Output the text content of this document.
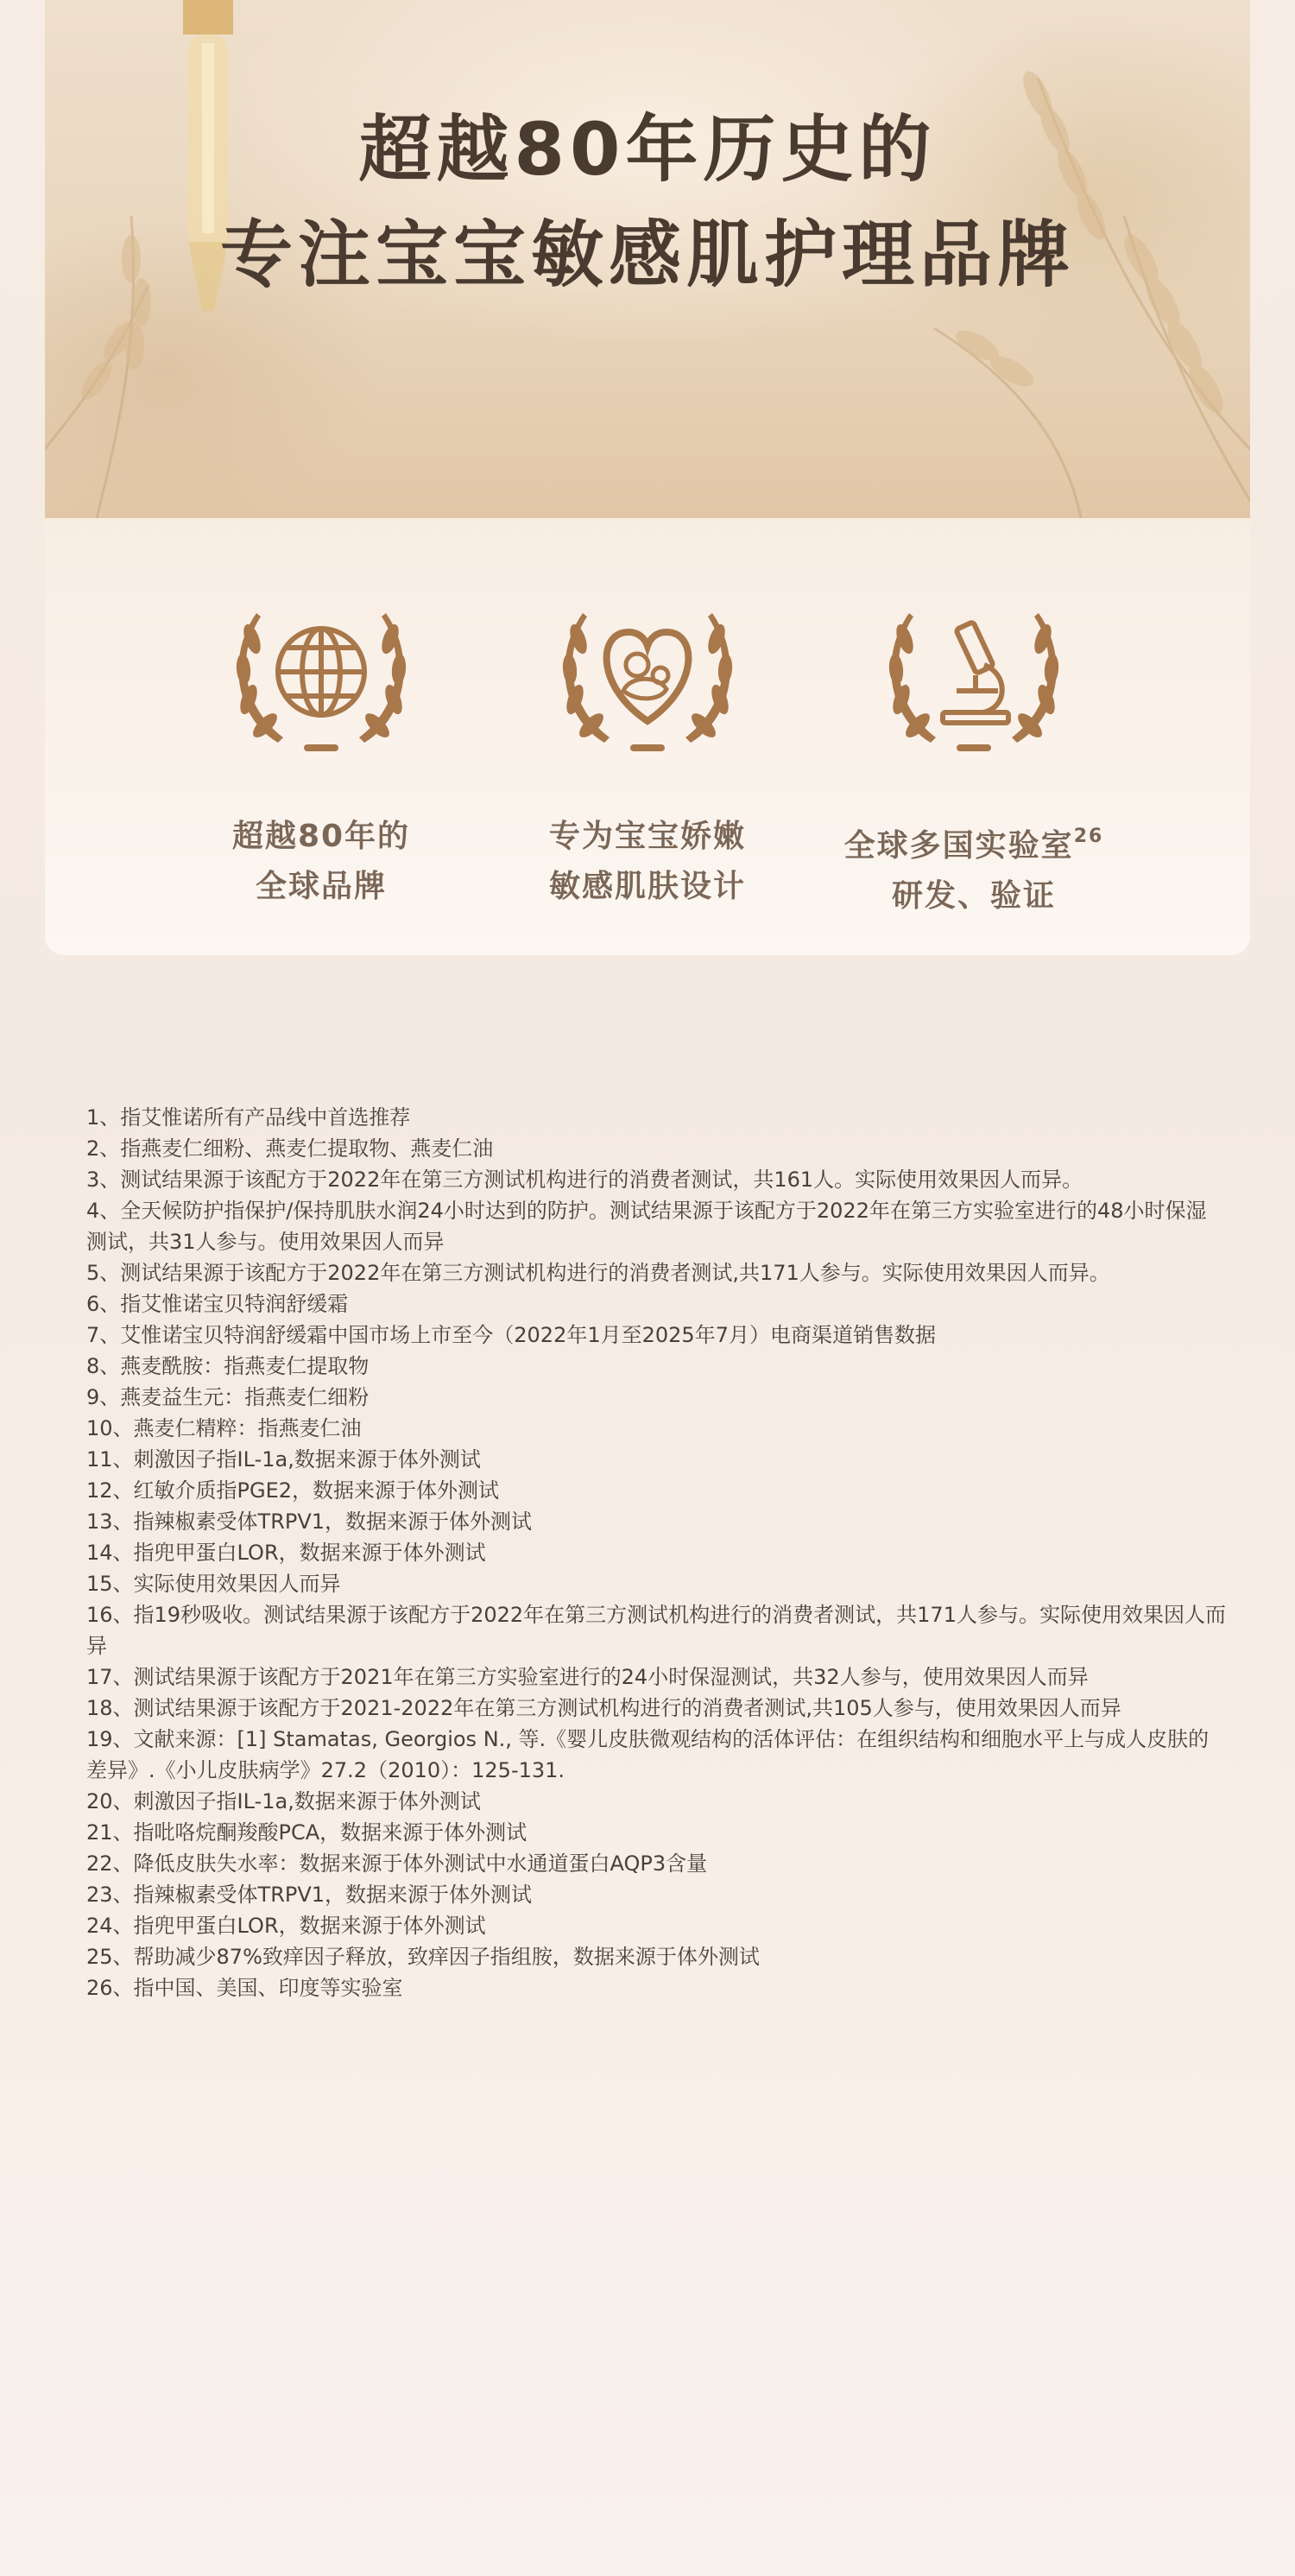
超越80年历史的
专注宝宝敏感肌护理品牌
超越80年的
全球品牌
专为宝宝娇嫩
敏感肌肤设计
全球多国实验室$^{26}$
研发、验证
1、指艾惟诺所有产品线中首选推荐
2、指燕麦仁细粉、燕麦仁提取物、燕麦仁油
3、测试结果源于该配方于2022年在第三方测试机构进行的消费者测试，共161人。实际使用效果因人而异。
4、全天候防护指保护/保持肌肤水润24小时达到的防护。测试结果源于该配方于2022年在第三方实验室进行的48小时保湿测试，共31人参与。使用效果因人而异
5、测试结果源于该配方于2022年在第三方测试机构进行的消费者测试,共171人参与。实际使用效果因人而异。
6、指艾惟诺宝贝特润舒缓霜
7、艾惟诺宝贝特润舒缓霜中国市场上市至今（2022年1月至2025年7月）电商渠道销售数据
8、燕麦酰胺：指燕麦仁提取物
9、燕麦益生元：指燕麦仁细粉
10、燕麦仁精粹：指燕麦仁油
11、刺激因子指IL-1a,数据来源于体外测试
12、红敏介质指PGE2，数据来源于体外测试
13、指辣椒素受体TRPV1，数据来源于体外测试
14、指兜甲蛋白LOR，数据来源于体外测试
15、实际使用效果因人而异
16、指19秒吸收。测试结果源于该配方于2022年在第三方测试机构进行的消费者测试，共171人参与。实际使用效果因人而异
17、测试结果源于该配方于2021年在第三方实验室进行的24小时保湿测试，共32人参与，使用效果因人而异
18、测试结果源于该配方于2021-2022年在第三方测试机构进行的消费者测试,共105人参与，使用效果因人而异
19、文献来源：[1] Stamatas, Georgios N., 等.《婴儿皮肤微观结构的活体评估：在组织结构和细胞水平上与成人皮肤的差异》.《小儿皮肤病学》27.2（2010）：125-131.
20、刺激因子指IL-1a,数据来源于体外测试
21、指吡咯烷酮羧酸PCA，数据来源于体外测试
22、降低皮肤失水率：数据来源于体外测试中水通道蛋白AQP3含量
23、指辣椒素受体TRPV1，数据来源于体外测试
24、指兜甲蛋白LOR，数据来源于体外测试
25、帮助减少87%致痒因子释放，致痒因子指组胺，数据来源于体外测试
26、指中国、美国、印度等实验室
